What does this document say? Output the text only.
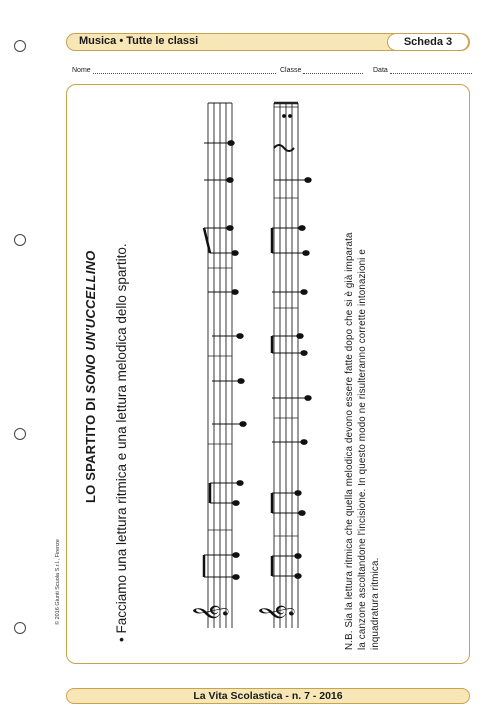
Musica • Tutte le classi	Scheda 3
Nome	Classe	Data
LO SPARTITO DI SONO UN'UCCELLINO • Facciamo una lettura ritmica e una lettura melodica dello spartito.	N.B. Sia la lettura ritmica che quella melodica devono essere fatte dopo che si è già imparata la canzone ascoltandone l'incisione. In questo modo ne risulteranno corrette intonazioni e inquadratura ritmica.
© 2016 Giunti Scuola S.r.l., Firenze	𝄞 𝄞
La Vita Scolastica - n. 7 - 2016
